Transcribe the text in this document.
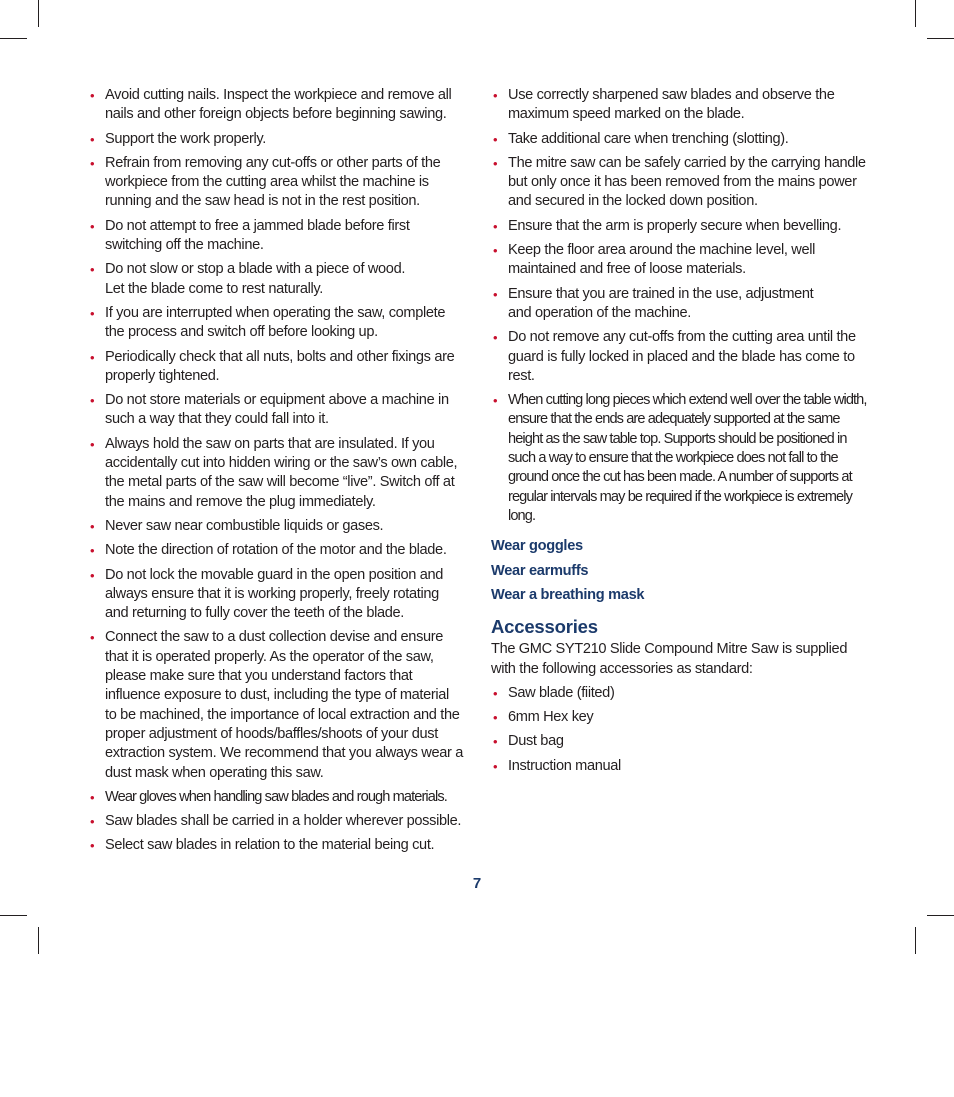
• Avoid cutting nails. Inspect the workpiece and remove all nails and other foreign objects before beginning sawing.
• Support the work properly.
• Refrain from removing any cut-offs or other parts of the workpiece from the cutting area whilst the machine is running and the saw head is not in the rest position.
• Do not attempt to free a jammed blade before first switching off the machine.
• Do not slow or stop a blade with a piece of wood.
Let the blade come to rest naturally.
• If you are interrupted when operating the saw, complete the process and switch off before looking up.
• Periodically check that all nuts, bolts and other fixings are properly tightened.
• Do not store materials or equipment above a machine in such a way that they could fall into it.
• Always hold the saw on parts that are insulated. If you accidentally cut into hidden wiring or the saw’s own cable, the metal parts of the saw will become “live”. Switch off at the mains and remove the plug immediately.
• Never saw near combustible liquids or gases.
• Note the direction of rotation of the motor and the blade.
• Do not lock the movable guard in the open position and always ensure that it is working properly, freely rotating and returning to fully cover the teeth of the blade.
• Connect the saw to a dust collection devise and ensure that it is operated properly. As the operator of the saw, please make sure that you understand factors that influence exposure to dust, including the type of material to be machined, the importance of local extraction and the proper adjustment of hoods/baffles/shoots of your dust extraction system. We recommend that you always wear a dust mask when operating this saw.
• Wear gloves when handling saw blades and rough materials.
• Saw blades shall be carried in a holder wherever possible.
• Select saw blades in relation to the material being cut.
• Use correctly sharpened saw blades and observe the maximum speed marked on the blade.
• Take additional care when trenching (slotting).
• The mitre saw can be safely carried by the carrying handle but only once it has been removed from the mains power and secured in the locked down position.
• Ensure that the arm is properly secure when bevelling.
• Keep the floor area around the machine level, well maintained and free of loose materials.
• Ensure that you are trained in the use, adjustment
and operation of the machine.
• Do not remove any cut-offs from the cutting area until the guard is fully locked in placed and the blade has come to rest.
• When cutting long pieces which extend well over the table width, ensure that the ends are adequately supported at the same height as the saw table top. Supports should be positioned in such a way to ensure that the workpiece does not fall to the ground once the cut has been made. A number of supports at regular intervals may be required if the workpiece is extremely long.
Wear goggles
Wear earmuffs
Wear a breathing mask
Accessories
The GMC SYT210 Slide Compound Mitre Saw is supplied with the following accessories as standard:
• Saw blade (fiited)
• 6mm Hex key
• Dust bag
• Instruction manual
7
